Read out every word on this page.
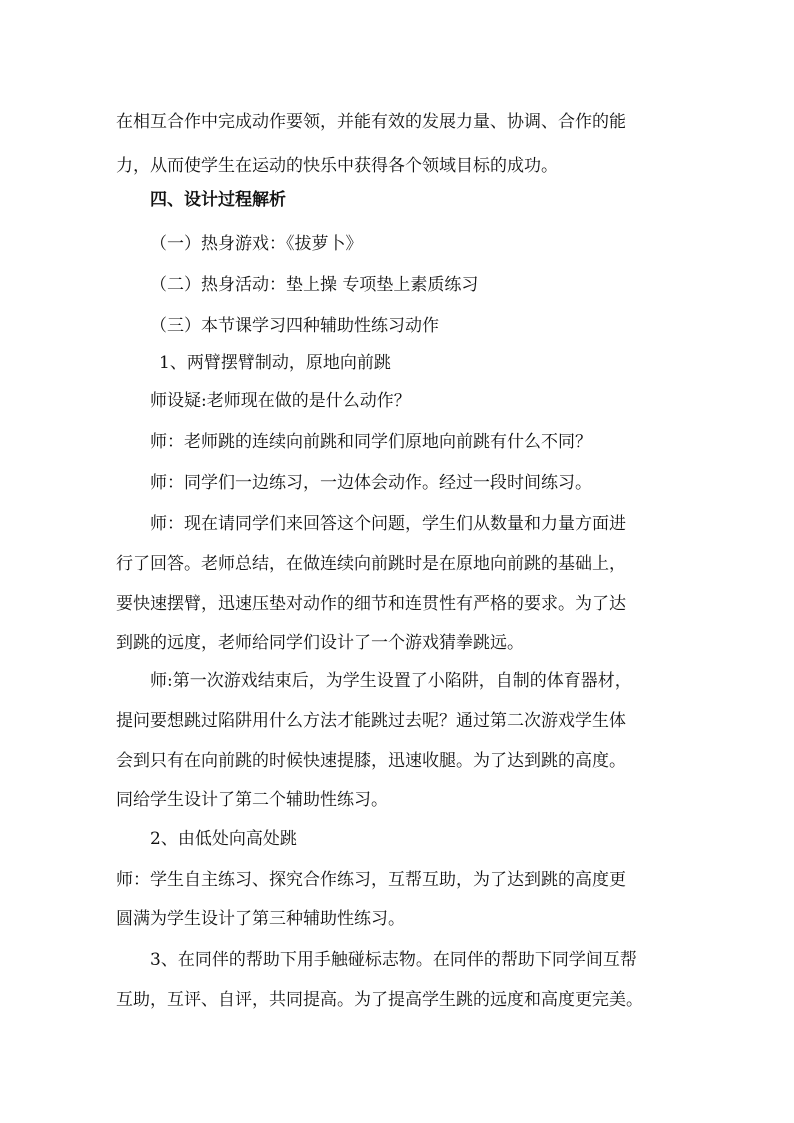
在相互合作中完成动作要领，并能有效的发展力量、协调、合作的能
力，从而使学生在运动的快乐中获得各个领域目标的成功。
四、设计过程解析
（一）热身游戏：《拔萝卜》
（二）热身活动：垫上操 专项垫上素质练习
（三）本节课学习四种辅助性练习动作
1、两臂摆臂制动，原地向前跳
师设疑:老师现在做的是什么动作？
师：老师跳的连续向前跳和同学们原地向前跳有什么不同？
师：同学们一边练习，一边体会动作。经过一段时间练习。
师：现在请同学们来回答这个问题，学生们从数量和力量方面进
行了回答。老师总结，在做连续向前跳时是在原地向前跳的基础上，
要快速摆臂，迅速压垫对动作的细节和连贯性有严格的要求。为了达
到跳的远度，老师给同学们设计了一个游戏猜拳跳远。
师:第一次游戏结束后，为学生设置了小陷阱，自制的体育器材，
提问要想跳过陷阱用什么方法才能跳过去呢？通过第二次游戏学生体
会到只有在向前跳的时候快速提膝，迅速收腿。为了达到跳的高度。
同给学生设计了第二个辅助性练习。
2、由低处向高处跳
师：学生自主练习、探究合作练习，互帮互助，为了达到跳的高度更
圆满为学生设计了第三种辅助性练习。
3、在同伴的帮助下用手触碰标志物。在同伴的帮助下同学间互帮
互助，互评、自评，共同提高。为了提高学生跳的远度和高度更完美。
